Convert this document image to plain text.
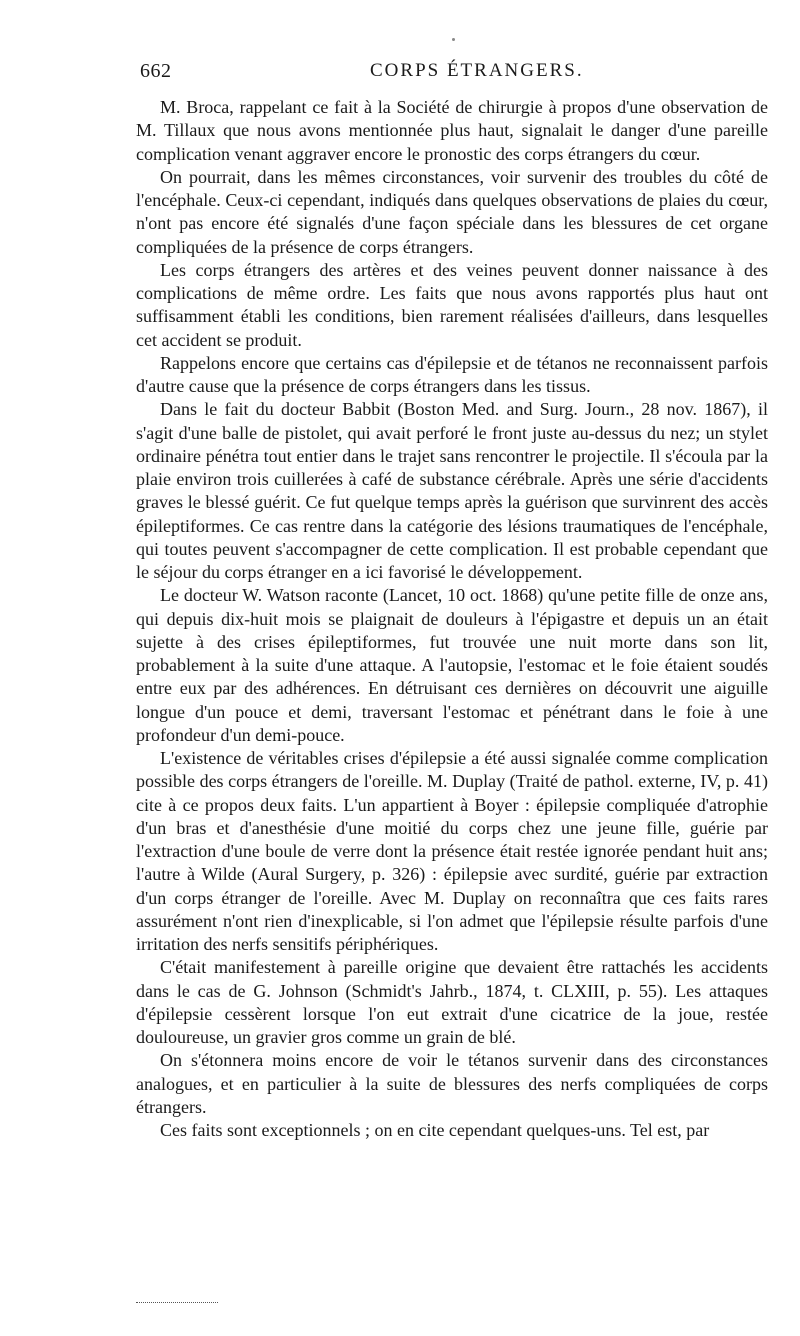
662	CORPS ÉTRANGERS.

M. Broca, rappelant ce fait à la Société de chirurgie à propos d'une observation de M. Tillaux que nous avons mentionnée plus haut, signalait le danger d'une pareille complication venant aggraver encore le pronostic des corps étrangers du cœur.

On pourrait, dans les mêmes circonstances, voir survenir des troubles du côté de l'encéphale. Ceux-ci cependant, indiqués dans quelques observations de plaies du cœur, n'ont pas encore été signalés d'une façon spéciale dans les blessures de cet organe compliquées de la présence de corps étrangers.

Les corps étrangers des artères et des veines peuvent donner naissance à des complications de même ordre. Les faits que nous avons rapportés plus haut ont suffisamment établi les conditions, bien rarement réalisées d'ailleurs, dans lesquelles cet accident se produit.

Rappelons encore que certains cas d'épilepsie et de tétanos ne reconnaissent parfois d'autre cause que la présence de corps étrangers dans les tissus.

Dans le fait du docteur Babbit (Boston Med. and Surg. Journ., 28 nov. 1867), il s'agit d'une balle de pistolet, qui avait perforé le front juste au-dessus du nez; un stylet ordinaire pénétra tout entier dans le trajet sans rencontrer le projectile. Il s'écoula par la plaie environ trois cuillerées à café de substance cérébrale. Après une série d'accidents graves le blessé guérit. Ce fut quelque temps après la guérison que survinrent des accès épileptiformes. Ce cas rentre dans la catégorie des lésions traumatiques de l'encéphale, qui toutes peuvent s'accompagner de cette complication. Il est probable cependant que le séjour du corps étranger en a ici favorisé le développement.

Le docteur W. Watson raconte (Lancet, 10 oct. 1868) qu'une petite fille de onze ans, qui depuis dix-huit mois se plaignait de douleurs à l'épigastre et depuis un an était sujette à des crises épileptiformes, fut trouvée une nuit morte dans son lit, probablement à la suite d'une attaque. A l'autopsie, l'estomac et le foie étaient soudés entre eux par des adhérences. En détruisant ces dernières on découvrit une aiguille longue d'un pouce et demi, traversant l'estomac et pénétrant dans le foie à une profondeur d'un demi-pouce.

L'existence de véritables crises d'épilepsie a été aussi signalée comme complication possible des corps étrangers de l'oreille. M. Duplay (Traité de pathol. externe, IV, p. 41) cite à ce propos deux faits. L'un appartient à Boyer : épilepsie compliquée d'atrophie d'un bras et d'anesthésie d'une moitié du corps chez une jeune fille, guérie par l'extraction d'une boule de verre dont la présence était restée ignorée pendant huit ans; l'autre à Wilde (Aural Surgery, p. 326) : épilepsie avec surdité, guérie par extraction d'un corps étranger de l'oreille. Avec M. Duplay on reconnaîtra que ces faits rares assurément n'ont rien d'inexplicable, si l'on admet que l'épilepsie résulte parfois d'une irritation des nerfs sensitifs périphériques.

C'était manifestement à pareille origine que devaient être rattachés les accidents dans le cas de G. Johnson (Schmidt's Jahrb., 1874, t. CLXIII, p. 55). Les attaques d'épilepsie cessèrent lorsque l'on eut extrait d'une cicatrice de la joue, restée douloureuse, un gravier gros comme un grain de blé.

On s'étonnera moins encore de voir le tétanos survenir dans des circonstances analogues, et en particulier à la suite de blessures des nerfs compliquées de corps étrangers.

Ces faits sont exceptionnels ; on en cite cependant quelques-uns. Tel est, par
